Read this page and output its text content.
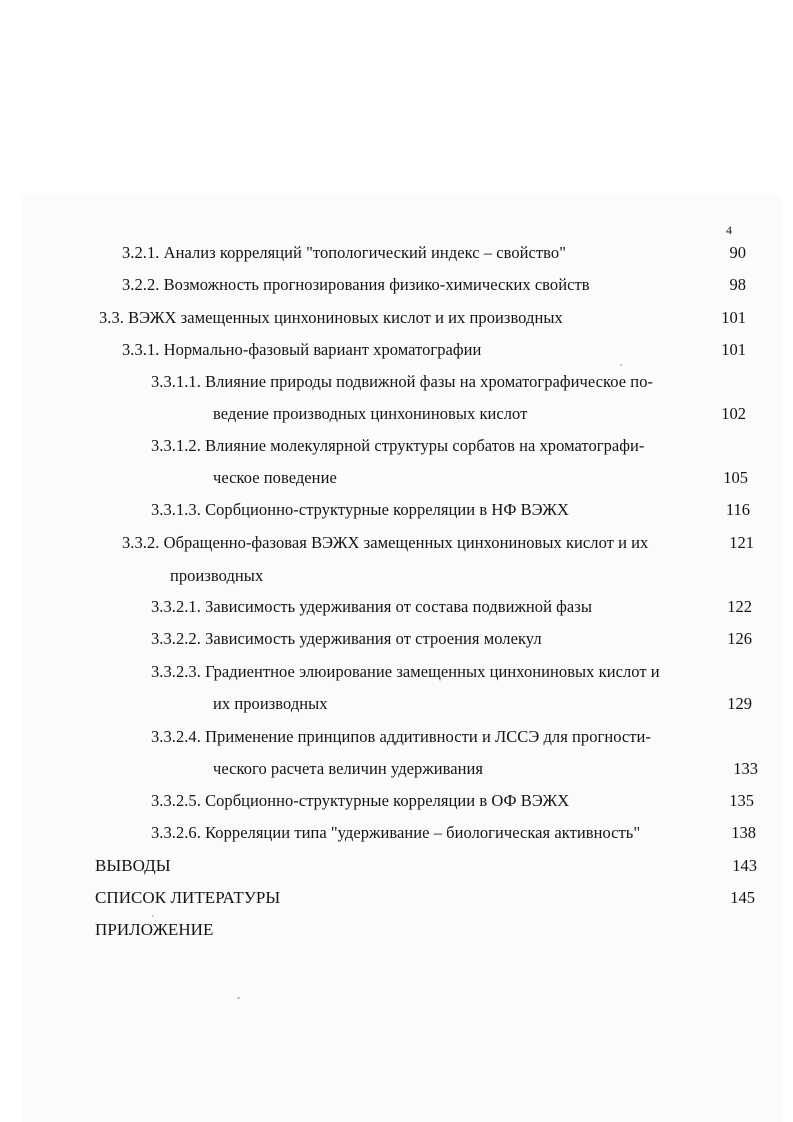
4
3.2.1. Анализ корреляций "топологический индекс – свойство"	90
3.2.2. Возможность прогнозирования физико-химических свойств	98
3.3. ВЭЖХ замещенных цинхониновых кислот и их производных	101
3.3.1. Нормально-фазовый вариант хроматографии	101
3.3.1.1. Влияние природы подвижной фазы на хроматографическое по-
ведение производных цинхониновых кислот	102
3.3.1.2. Влияние молекулярной структуры сорбатов на хроматографи-
ческое поведение	105
3.3.1.3. Сорбционно-структурные корреляции в НФ ВЭЖХ	116
3.3.2. Обращенно-фазовая ВЭЖХ замещенных цинхониновых кислот и их	121
производных
3.3.2.1. Зависимость удерживания от состава подвижной фазы	122
3.3.2.2. Зависимость удерживания от строения молекул	126
3.3.2.3. Градиентное элюирование замещенных цинхониновых кислот и
их производных	129
3.3.2.4. Применение принципов аддитивности и ЛССЭ для прогности-
ческого расчета величин удерживания	133
3.3.2.5. Сорбционно-структурные корреляции в ОФ ВЭЖХ	135
3.3.2.6. Корреляции типа "удерживание – биологическая активность"	138
ВЫВОДЫ	143
СПИСОК ЛИТЕРАТУРЫ	145
ПРИЛОЖЕНИЕ
